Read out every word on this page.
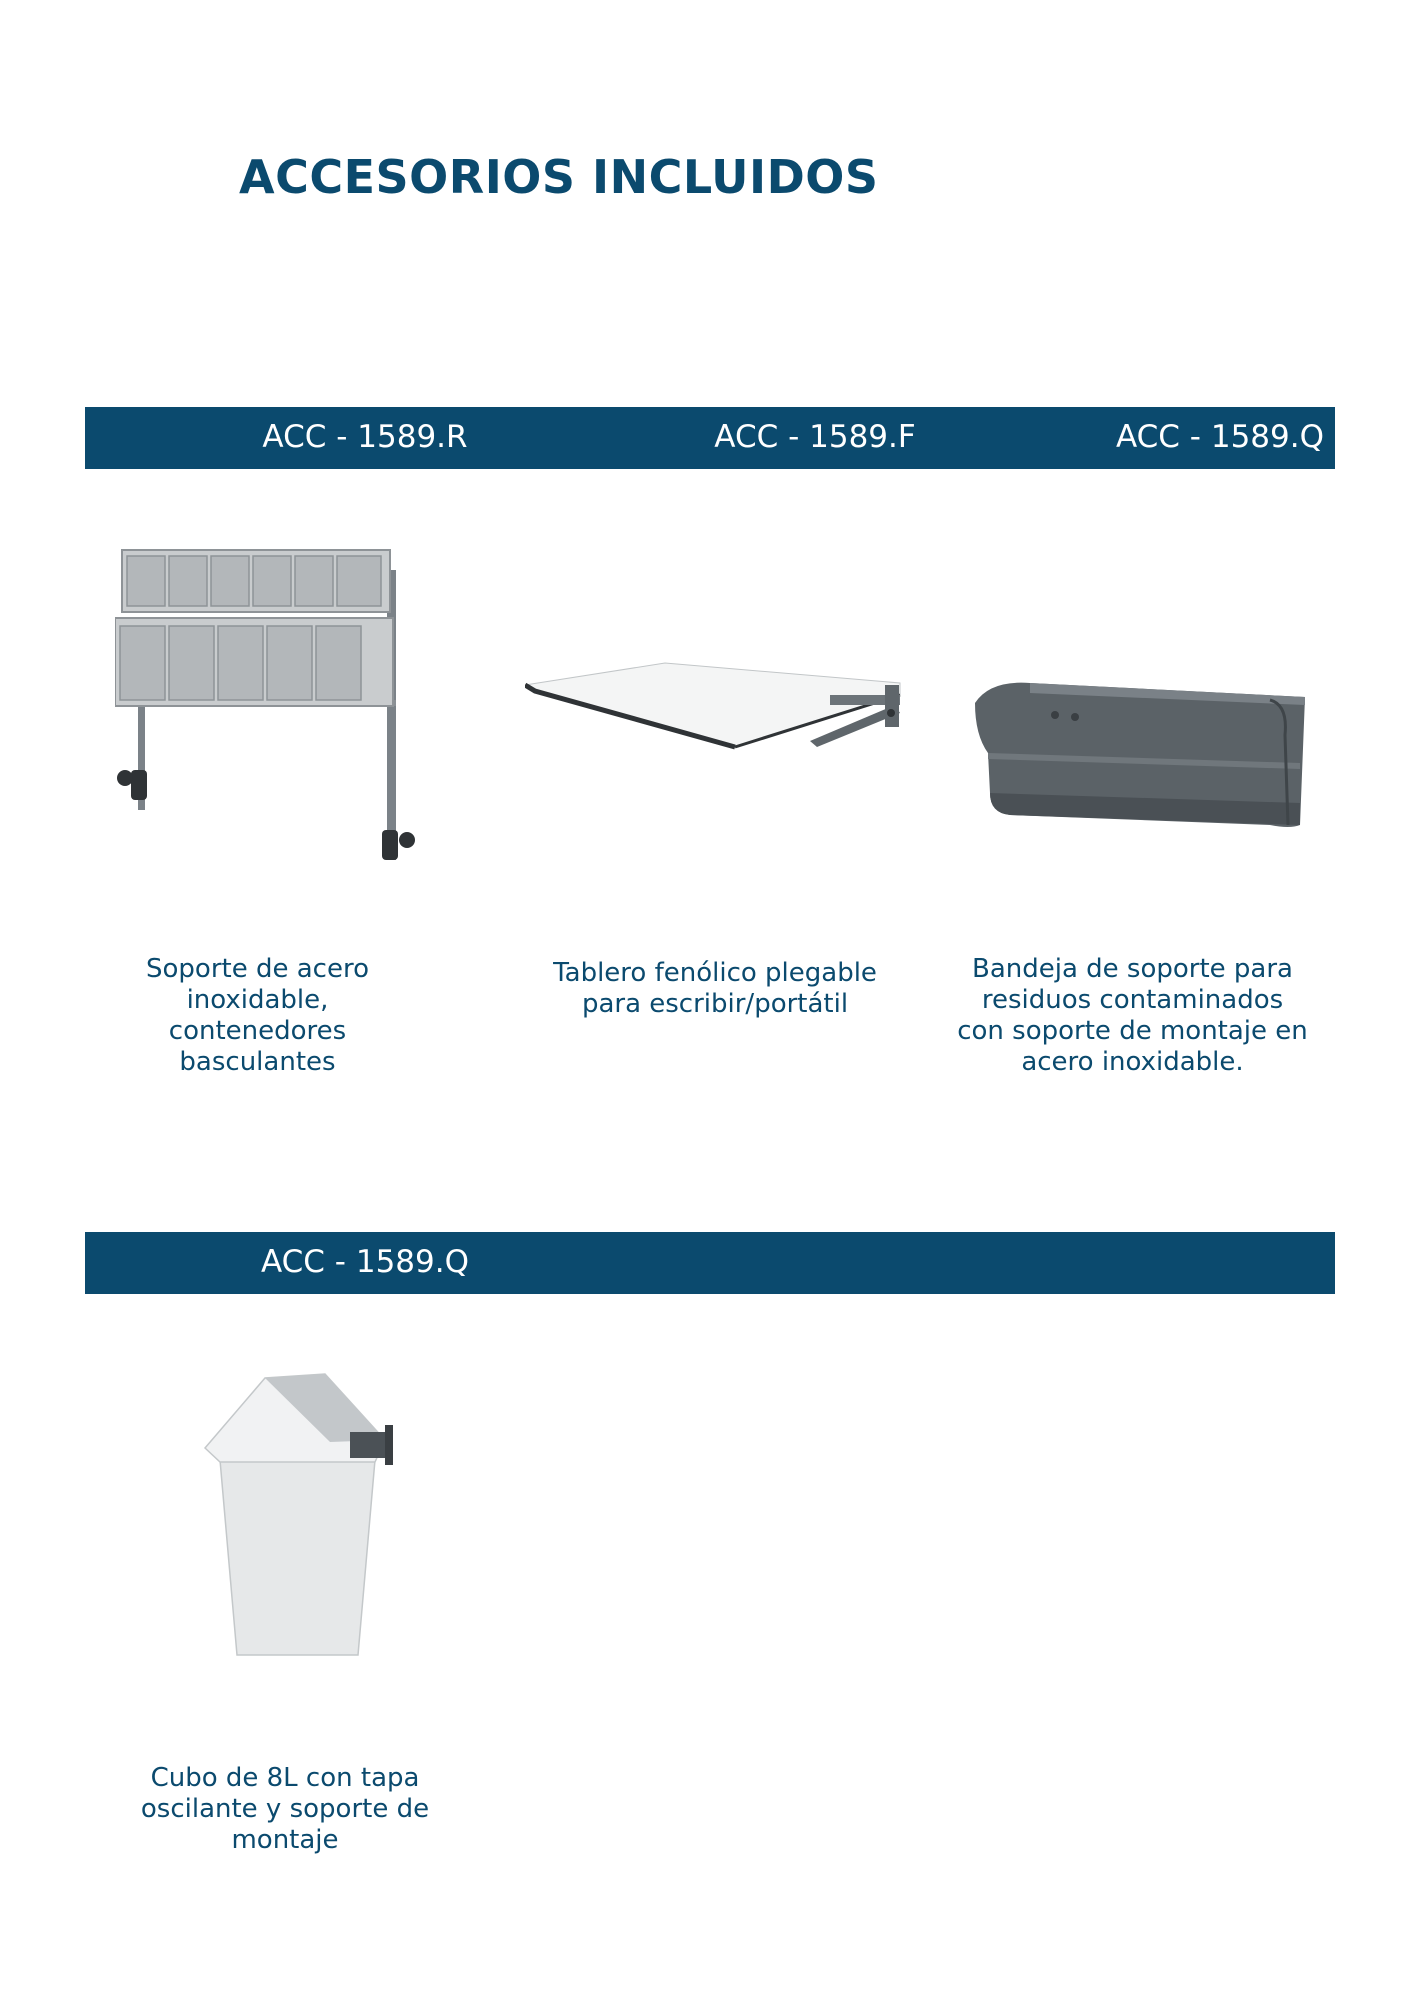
ACCESORIOS INCLUIDOS
ACC - 1589.R	ACC - 1589.F	ACC - 1589.Q

Soporte de acero inoxidable, contenedores basculantes

Tablero fenólico plegable para escribir/portátil

Bandeja de soporte para residuos contaminados con soporte de montaje en acero inoxidable.

ACC - 1589.Q

Cubo de 8L con tapa oscilante y soporte de montaje
